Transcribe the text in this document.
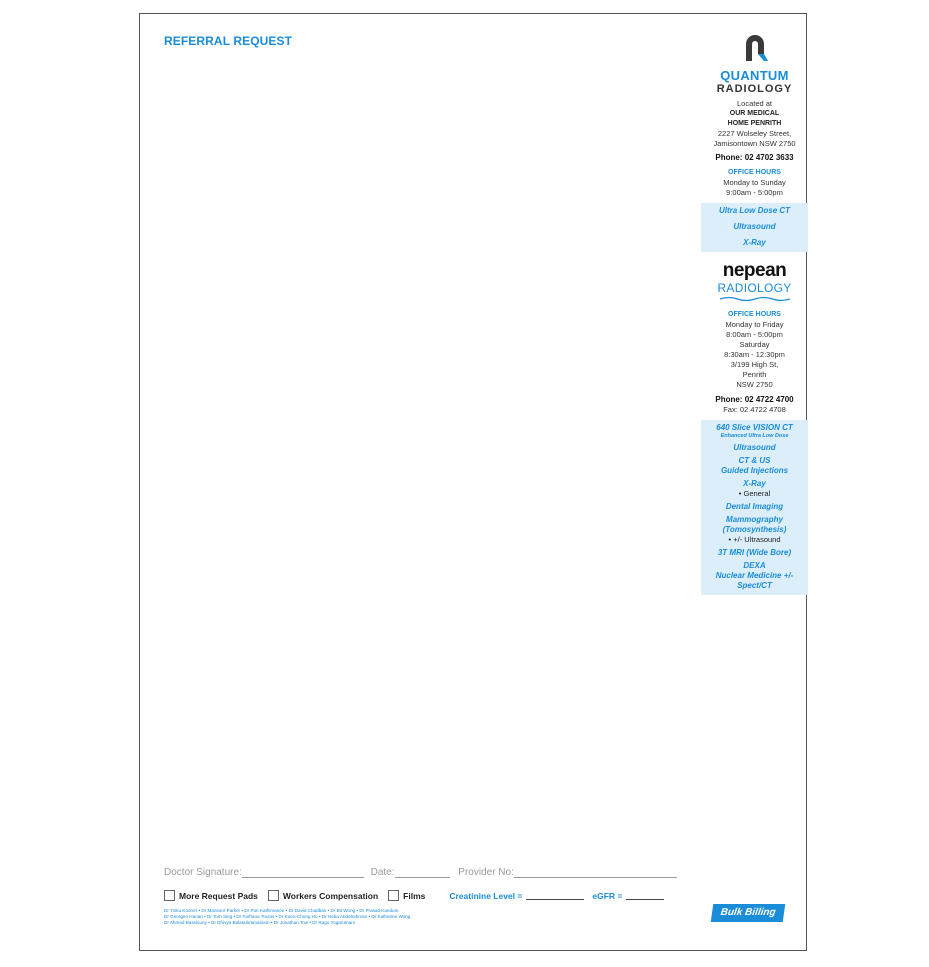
REFERRAL REQUEST
QUANTUM
RADIOLOGY
Located at
OUR MEDICAL
HOME PENRITH
2227 Wolseley Street,
Jamisontown NSW 2750
Phone: 02 4702 3633
OFFICE HOURS
Monday to Sunday
9:00am - 5:00pm
Ultra Low Dose CT
Ultrasound
X-Ray
nepean
RADIOLOGY
OFFICE HOURS
Monday to Friday
8:00am - 5:00pm
Saturday
8:30am - 12:30pm
3/199 High St,
Penrith
NSW 2750
Phone: 02 4722 4700
Fax: 02 4722 4708
640 Slice VISION CT
Enhanced Ultra Low Dose
Ultrasound
CT & US
Guided Injections
X-Ray
• General
Dental Imaging
Mammography
(Tomosynthesis)
• +/- Ultrasound
3T MRI (Wide Bore)
DEXA
Nuclear Medicine +/-
Spect/CT
Doctor Signature:	Date:	Provider No:
More Request Pads	Workers Compensation	Films	Creatinine Level =	eGFR =
Dr Tinku Kooner • Dr Mansoor Parker • Dr Pun Kathirvanee • Dr David Chadban • Dr Bit Wong • Dr Prasad Kandum
Dr Georgen Hanan • Dr Tom Sing • Dr Farhana Younis • Dr Kuen-Chong Ho • Dr Heba Abdelrahman • Dr Katherine Wong
Dr Ahmed Bassiouny • Dr Dhivya Balasubramaniam • Dr Jonathan Tow • Dr Ragu Yogarutnam
Bulk Billing
